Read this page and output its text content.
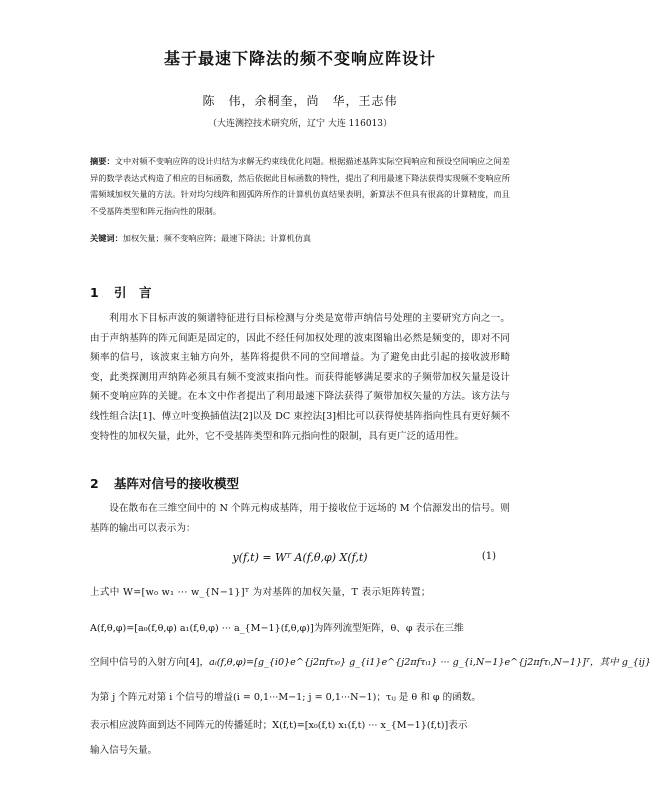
基于最速下降法的频不变响应阵设计
陈　伟，余桐奎，尚　华，王志伟
（大连测控技术研究所，辽宁 大连 116013）
摘要：文中对频不变响应阵的设计归结为求解无约束线优化问题。根据描述基阵实际空间响应和预设空间响应之间差异的数学表达式构造了相应的目标函数，然后依据此目标函数的特性，提出了利用最速下降法获得实现频不变响应所需频域加权矢量的方法。针对均匀线阵和圆弧阵所作的计算机仿真结果表明，新算法不但具有很高的计算精度，而且不受基阵类型和阵元指向性的限制。
关键词：加权矢量；频不变响应阵；最速下降法；计算机仿真
1 引　言
利用水下目标声波的频谱特征进行目标检测与分类是宽带声纳信号处理的主要研究方向之一。由于声纳基阵的阵元间距是固定的，因此不经任何加权处理的波束图输出必然是频变的，即对不同频率的信号，该波束主轴方向外，基阵将提供不同的空间增益。为了避免由此引起的接收波形畸变，此类探测用声纳阵必须具有频不变波束指向性。而获得能够满足要求的子频带加权矢量是设计频不变响应阵的关键。在本文中作者提出了利用最速下降法获得了频带加权矢量的方法。该方法与线性组合法[1]、傅立叶变换插值法[2]以及 DC 束控法[3]相比可以获得使基阵指向性具有更好频不变特性的加权矢量，此外，它不受基阵类型和阵元指向性的限制，具有更广泛的适用性。
2 基阵对信号的接收模型
设在散布在三维空间中的 N 个阵元构成基阵，用于接收位于远场的 M 个信源发出的信号。则基阵的输出可以表示为：
y(f,t) = Wᵀ A(f,θ,φ) X(f,t)	(1)
上式中 W=[w₀ w₁ ··· w_{N−1}]ᵀ 为对基阵的加权矢量，T 表示矩阵转置；
A(f,θ,φ)=[a₀(f,θ,φ) a₁(f,θ,φ) ··· a_{M−1}(f,θ,φ)]为阵列流型矩阵，θ、φ 表示在三维
空间中信号的入射方向[4]，aᵢ(f,θ,φ)=[g_{i0}e^{j2πfτᵢ₀} g_{i1}e^{j2πfτᵢ₁} ··· g_{i,N−1}e^{j2πfτᵢ,N−1}]ᵀ，其中 g_{ij}
为第 j 个阵元对第 i 个信号的增益(i = 0,1···M−1; j = 0,1···N−1)；τᵢⱼ 是 θ 和 φ 的函数。
表示相应波阵面到达不同阵元的传播延时；X(f,t)=[x₀(f,t) x₁(f,t) ··· x_{M−1}(f,t)]表示
输入信号矢量。
